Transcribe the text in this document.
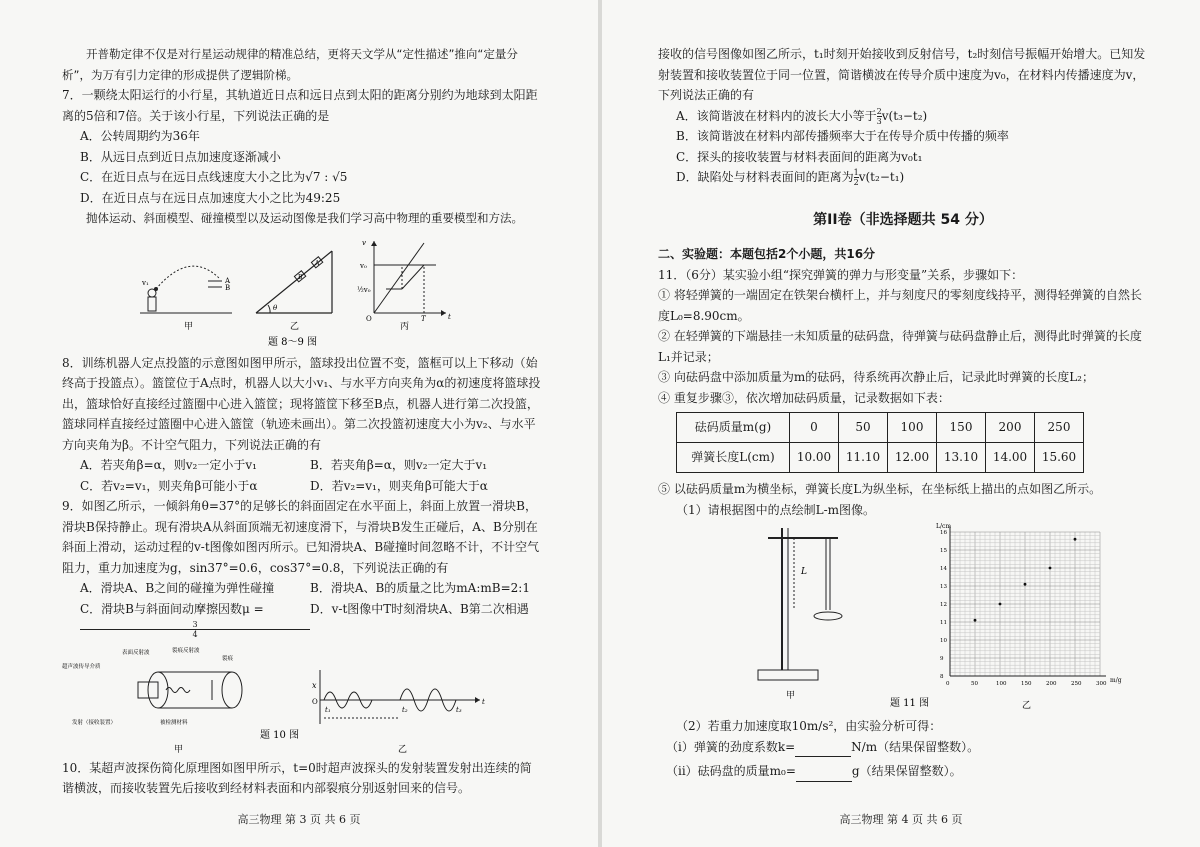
开普勒定律不仅是对行星运动规律的精准总结，更将天文学从“定性描述”推向“定量分析”，为万有引力定律的形成提供了逻辑阶梯。

7．一颗绕太阳运行的小行星，其轨道近日点和远日点到太阳的距离分别约为地球到太阳距离的5倍和7倍。关于该小行星，下列说法正确的是

A．公转周期约为36年

B．从远日点到近日点加速度逐渐减小

C．在近日点与在远日点线速度大小之比为√7 : √5

D．在近日点与在远日点加速度大小之比为49:25

抛体运动、斜面模型、碰撞模型以及运动图像是我们学习高中物理的重要模型和方法。

A
B
v₁
B
A
θ
v
v₀
½v₀
O	T	t
甲	乙	丙
题 8～9 图

8．训练机器人定点投篮的示意图如图甲所示，篮球投出位置不变，篮框可以上下移动（始终高于投篮点）。篮筐位于A点时，机器人以大小v₁、与水平方向夹角为α的初速度将篮球投出，篮球恰好直接经过篮圈中心进入篮筐；现将篮筐下移至B点，机器人进行第二次投篮，篮球同样直接经过篮圈中心进入篮筐（轨迹未画出）。第二次投篮初速度大小为v₂、与水平方向夹角为β。不计空气阻力，下列说法正确的有

A．若夹角β=α，则v₂一定小于v₁	B．若夹角β=α，则v₂一定大于v₁
C．若v₂=v₁，则夹角β可能小于α	D．若v₂=v₁，则夹角β可能大于α

9．如图乙所示，一倾斜角θ=37°的足够长的斜面固定在水平面上，斜面上放置一滑块B，滑块B保持静止。现有滑块A从斜面顶端无初速度滑下，与滑块B发生正碰后，A、B分别在斜面上滑动，运动过程的v-t图像如图丙所示。已知滑块A、B碰撞时间忽略不计，不计空气阻力，重力加速度为g，sin37°=0.6，cos37°=0.8，下列说法正确的有

A．滑块A、B之间的碰撞为弹性碰撞	B．滑块A、B的质量之比为mA:mB=2:1
C．滑块B与斜面间动摩擦因数μ =
$\frac{3}{4}$
D．v-t图像中T时刻滑块A、B第二次相遇
表面反射波	裂痕反射波
裂痕
超声波传导介质
发射（接收装置）	被检测材料
x
O
t₁	t₂	t₃
t
题 10 图
甲	乙

10．某超声波探伤简化原理图如图甲所示，t=0时超声波探头的发射装置发射出连续的简谐横波，而接收装置先后接收到经材料表面和内部裂痕分别返射回来的信号。

高三物理 第 3 页 共 6 页

接收的信号图像如图乙所示，t₁时刻开始接收到反射信号，t₂时刻信号振幅开始增大。已知发射装置和接收装置位于同一位置，简谐横波在传导介质中速度为v₀，在材料内传播速度为v，下列说法正确的有

A．该简谐波在材料内的波长大小等于 $\frac{2}{3} v(t_3-t_2)$

B．该简谐波在材料内部传播频率大于在传导介质中传播的频率

C．探头的接收装置与材料表面间的距离为v₀t₁

D．缺陷处与材料表面间的距离为 $\frac{1}{2} v(t_2-t_1)$

第II卷（非选择题共 54 分）

二、实验题：本题包括2个小题，共16分

11．（6分）某实验小组“探究弹簧的弹力与形变量”关系，步骤如下：

① 将轻弹簧的一端固定在铁架台横杆上，并与刻度尺的零刻度线持平，测得轻弹簧的自然长度L₀=8.90cm。

② 在轻弹簧的下端悬挂一未知质量的砝码盘，待弹簧与砝码盘静止后，测得此时弹簧的长度L₁并记录；

③ 向砝码盘中添加质量为m的砝码，待系统再次静止后，记录此时弹簧的长度L₂；

④ 重复步骤③，依次增加砝码质量，记录数据如下表：

砝码质量m(g)	0	50	100	150	200	250
弹簧长度L(cm)	10.00	11.10	12.00	13.10	14.00	15.60

⑤ 以砝码质量m为横坐标，弹簧长度L为纵坐标，在坐标纸上描出的点如图乙所示。

（1）请根据图中的点绘制L-m图像。

L
甲
L/cm
m/g
0	50	100	150	200	250	300
8
9
10
11
12
13
14
15
16
题 11 图	乙

（2）若重力加速度取10m/s²，由实验分析可得：

（i）弹簧的劲度系数k=	N/m（结果保留整数）。

（ii）砝码盘的质量m₀=	g（结果保留整数）。

高三物理 第 4 页 共 6 页
